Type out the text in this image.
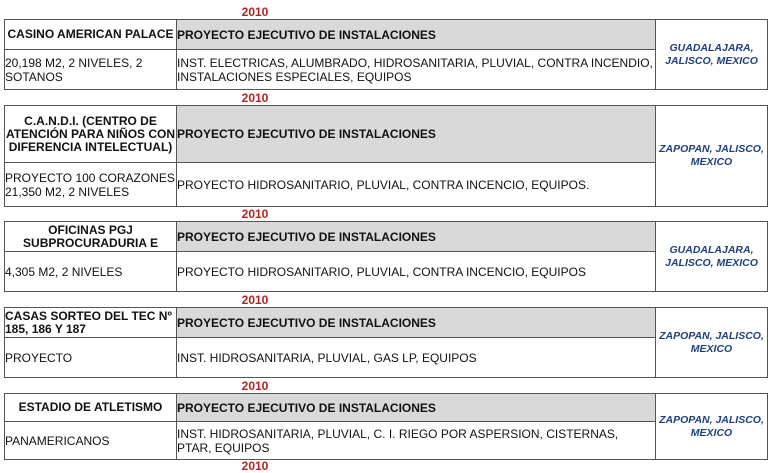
2010
CASINO AMERICAN PALACE	PROYECTO EJECUTIVO DE INSTALACIONES	GUADALAJARA, JALISCO, MEXICO
20,198 M2, 2 NIVELES, 2 SOTANOS	INST. ELECTRICAS, ALUMBRADO, HIDROSANITARIA, PLUVIAL, CONTRA INCENDIO, INSTALACIONES ESPECIALES, EQUIPOS	
2010
C.A.N.D.I. (CENTRO DE ATENCIÓN PARA NIÑOS CON DIFERENCIA INTELECTUAL)	PROYECTO EJECUTIVO DE INSTALACIONES	ZAPOPAN, JALISCO, MEXICO
PROYECTO 100 CORAZONES 21,350 M2, 2 NIVELES	PROYECTO HIDROSANITARIO, PLUVIAL, CONTRA INCENCIO, EQUIPOS.	
2010
OFICINAS PGJ SUBPROCURADURIA E	PROYECTO EJECUTIVO DE INSTALACIONES	GUADALAJARA, JALISCO, MEXICO
4,305 M2, 2 NIVELES	PROYECTO HIDROSANITARIO, PLUVIAL, CONTRA INCENCIO, EQUIPOS	
2010
CASAS SORTEO DEL TEC Nº 185, 186 Y 187	PROYECTO EJECUTIVO DE INSTALACIONES	ZAPOPAN, JALISCO, MEXICO
PROYECTO	INST. HIDROSANITARIA, PLUVIAL, GAS LP, EQUIPOS	
2010
ESTADIO DE ATLETISMO	PROYECTO EJECUTIVO DE INSTALACIONES	ZAPOPAN, JALISCO, MEXICO
PANAMERICANOS	INST. HIDROSANITARIA, PLUVIAL, C. I. RIEGO POR ASPERSION, CISTERNAS, PTAR, EQUIPOS	
2010
